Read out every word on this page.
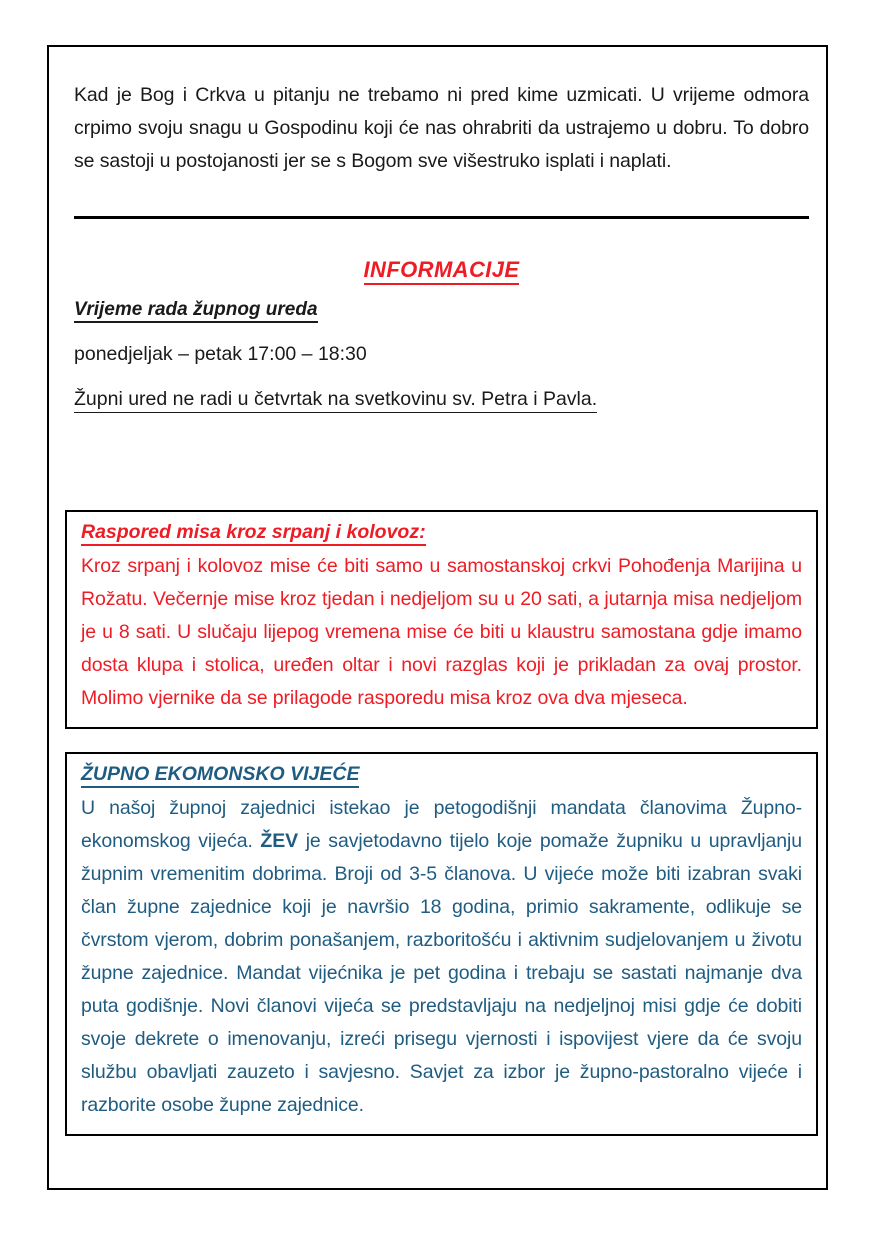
Kad je Bog i Crkva u pitanju ne trebamo ni pred kime uzmicati. U vrijeme odmora crpimo svoju snagu u Gospodinu koji će nas ohrabriti da ustrajemo u dobru. To dobro se sastoji u postojanosti jer se s Bogom sve višestruko isplati i naplati.

INFORMACIJE
Vrijeme rada župnog ureda
ponedjeljak – petak 17:00 – 18:30
Župni ured ne radi u četvrtak na svetkovinu sv. Petra i Pavla.
Raspored misa kroz srpanj i kolovoz:

Kroz srpanj i kolovoz mise će biti samo u samostanskoj crkvi Pohođenja Marijina u Rožatu. Večernje mise kroz tjedan i nedjeljom su u 20 sati, a jutarnja misa nedjeljom je u 8 sati. U slučaju lijepog vremena mise će biti u klaustru samostana gdje imamo dosta klupa i stolica, uređen oltar i novi razglas koji je prikladan za ovaj prostor. Molimo vjernike da se prilagode rasporedu misa kroz ova dva mjeseca.

ŽUPNO EKOMONSKO VIJEĆE

U našoj župnoj zajednici istekao je petogodišnji mandata članovima Župno-ekonomskog vijeća. ŽEV je savjetodavno tijelo koje pomaže župniku u upravljanju župnim vremenitim dobrima. Broji od 3-5 članova. U vijeće može biti izabran svaki član župne zajednice koji je navršio 18 godina, primio sakramente, odlikuje se čvrstom vjerom, dobrim ponašanjem, razboritošću i aktivnim sudjelovanjem u životu župne zajednice. Mandat vijećnika je pet godina i trebaju se sastati najmanje dva puta godišnje. Novi članovi vijeća se predstavljaju na nedjeljnoj misi gdje će dobiti svoje dekrete o imenovanju, izreći prisegu vjernosti i ispovijest vjere da će svoju službu obavljati zauzeto i savjesno. Savjet za izbor je župno-pastoralno vijeće i razborite osobe župne zajednice.
